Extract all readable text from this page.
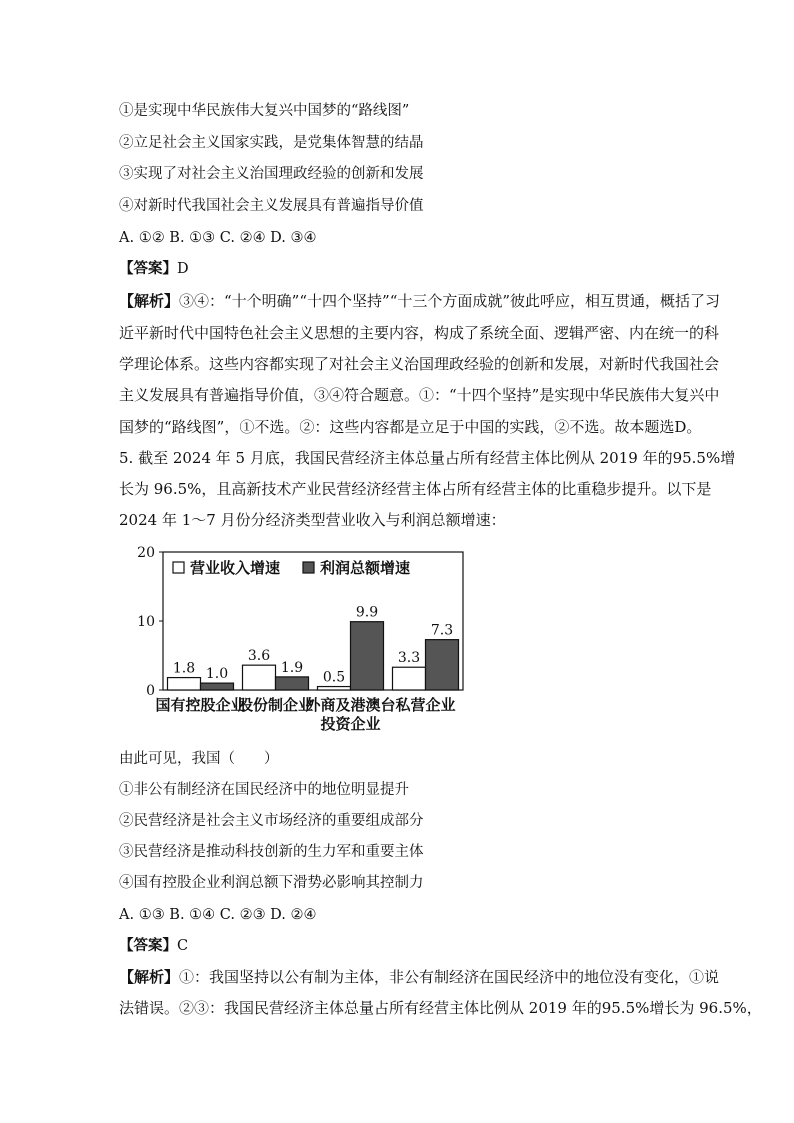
①是实现中华民族伟大复兴中国梦的“路线图”
②立足社会主义国家实践，是党集体智慧的结晶
③实现了对社会主义治国理政经验的创新和发展
④对新时代我国社会主义发展具有普遍指导价值
A. ①② B. ①③ C. ②④ D. ③④
【答案】D
【解析】③④：“十个明确”“十四个坚持”“十三个方面成就”彼此呼应，相互贯通，概括了习
近平新时代中国特色社会主义思想的主要内容，构成了系统全面、逻辑严密、内在统一的科
学理论体系。这些内容都实现了对社会主义治国理政经验的创新和发展，对新时代我国社会
主义发展具有普遍指导价值，③④符合题意。①：“十四个坚持”是实现中华民族伟大复兴中
国梦的“路线图”，①不选。②：这些内容都是立足于中国的实践，②不选。故本题选D。
5. 截至 2024 年 5 月底，我国民营经济主体总量占所有经营主体比例从 2019 年的95.5%增
长为 96.5%，且高新技术产业民营经济经营主体占所有经营主体的比重稳步提升。以下是
2024 年 1～7 月份分经济类型营业收入与利润总额增速：
0
10
20
1.8 1.0
国有控股企业
3.6
1.9
股份制企业
0.5
9.9
外商及港澳台
投资企业
3.3
7.3
私营企业
营业收入增速	利润总额增速
由此可见，我国（　　）
①非公有制经济在国民经济中的地位明显提升
②民营经济是社会主义市场经济的重要组成部分
③民营经济是推动科技创新的生力军和重要主体
④国有控股企业利润总额下滑势必影响其控制力
A. ①③ B. ①④ C. ②③ D. ②④
【答案】C
【解析】①：我国坚持以公有制为主体，非公有制经济在国民经济中的地位没有变化，①说
法错误。②③：我国民营经济主体总量占所有经营主体比例从 2019 年的95.5%增长为 96.5%，
